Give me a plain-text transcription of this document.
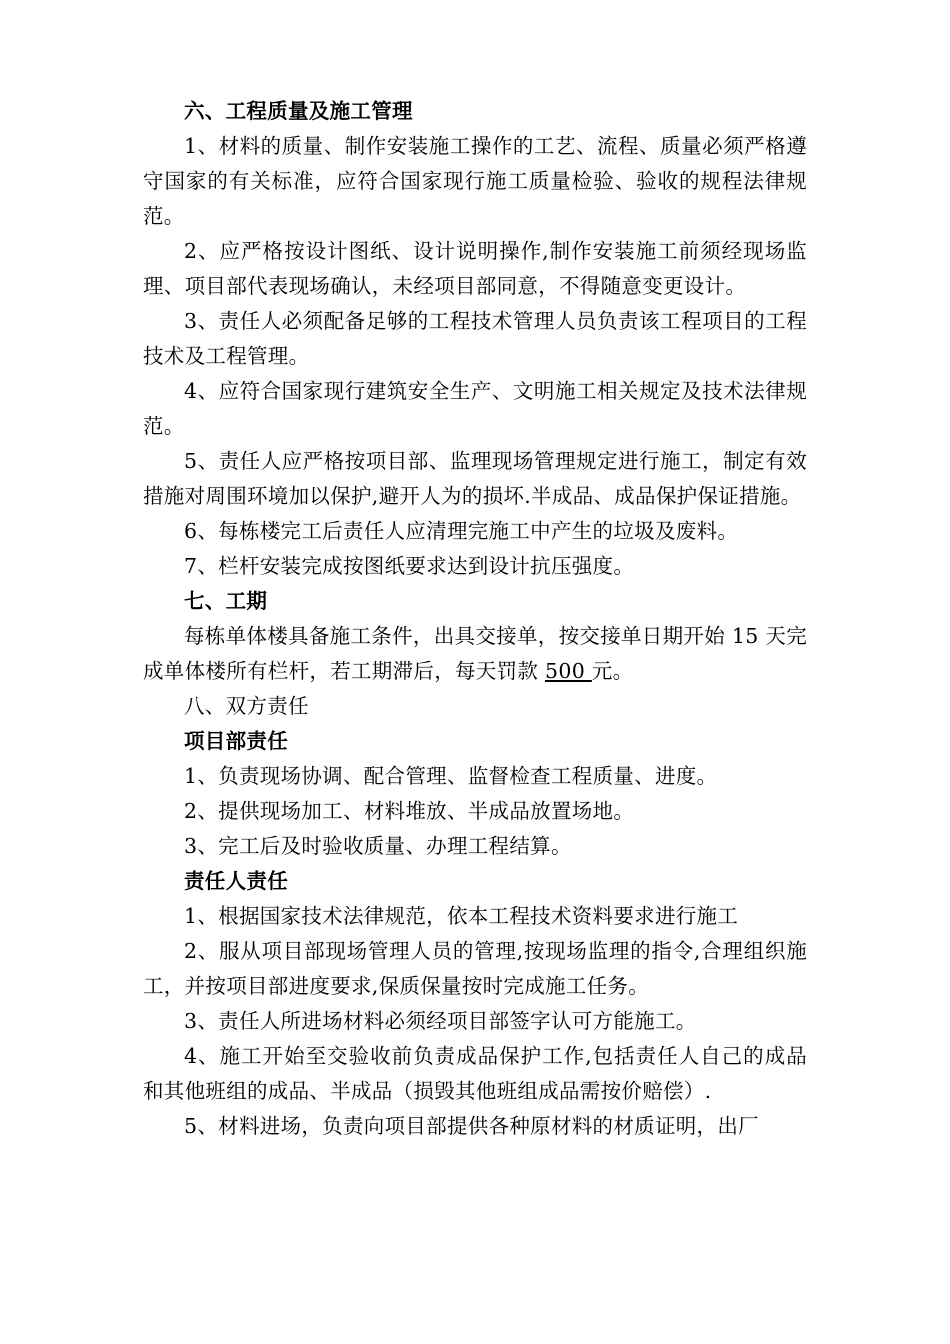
六、工程质量及施工管理

1、材料的质量、制作安装施工操作的工艺、流程、质量必须严格遵守国家的有关标准，应符合国家现行施工质量检验、验收的规程法律规范。

2、应严格按设计图纸、设计说明操作,制作安装施工前须经现场监理、项目部代表现场确认，未经项目部同意，不得随意变更设计。

3、责任人必须配备足够的工程技术管理人员负责该工程项目的工程技术及工程管理。

4、应符合国家现行建筑安全生产、文明施工相关规定及技术法律规范。

5、责任人应严格按项目部、监理现场管理规定进行施工，制定有效措施对周围环境加以保护,避开人为的损坏.半成品、成品保护保证措施。

6、每栋楼完工后责任人应清理完施工中产生的垃圾及废料。

7、栏杆安装完成按图纸要求达到设计抗压强度。

七、工期

每栋单体楼具备施工条件，出具交接单，按交接单日期开始 15 天完成单体楼所有栏杆，若工期滞后，每天罚款 500 元。

八、双方责任

项目部责任

1、负责现场协调、配合管理、监督检查工程质量、进度。

2、提供现场加工、材料堆放、半成品放置场地。

3、完工后及时验收质量、办理工程结算。

责任人责任

1、根据国家技术法律规范，依本工程技术资料要求进行施工

2、服从项目部现场管理人员的管理,按现场监理的指令,合理组织施工，并按项目部进度要求,保质保量按时完成施工任务。

3、责任人所进场材料必须经项目部签字认可方能施工。

4、施工开始至交验收前负责成品保护工作,包括责任人自己的成品和其他班组的成品、半成品（损毁其他班组成品需按价赔偿）.

5、材料进场，负责向项目部提供各种原材料的材质证明，出厂
